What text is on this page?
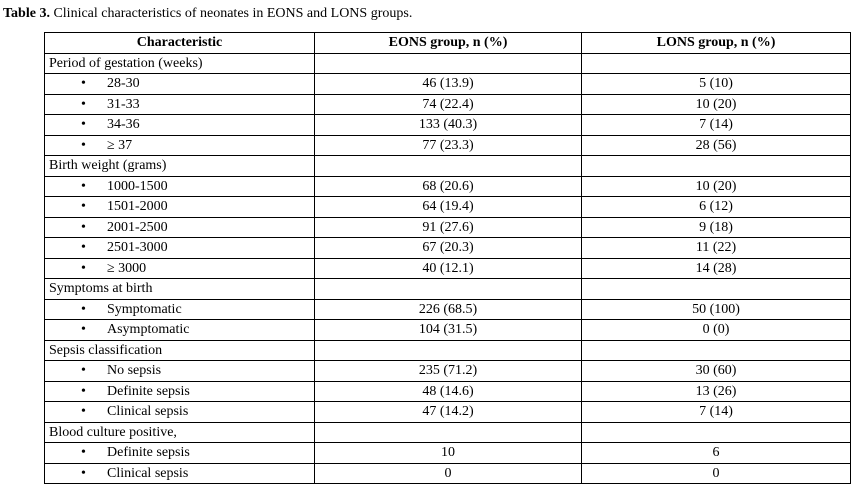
Table 3. Clinical characteristics of neonates in EONS and LONS groups.
Characteristic	EONS group, n (%)	LONS group, n (%)
Period of gestation (weeks)		
• 28-30	46 (13.9)	5 (10)
• 31-33	74 (22.4)	10 (20)
• 34-36	133 (40.3)	7 (14)
• ≥ 37	77 (23.3)	28 (56)
Birth weight (grams)		
• 1000-1500	68 (20.6)	10 (20)
• 1501-2000	64 (19.4)	6 (12)
• 2001-2500	91 (27.6)	9 (18)
• 2501-3000	67 (20.3)	11 (22)
• ≥ 3000	40 (12.1)	14 (28)
Symptoms at birth		
• Symptomatic	226 (68.5)	50 (100)
• Asymptomatic	104 (31.5)	0 (0)
Sepsis classification		
• No sepsis	235 (71.2)	30 (60)
• Definite sepsis	48 (14.6)	13 (26)
• Clinical sepsis	47 (14.2)	7 (14)
Blood culture positive,		
• Definite sepsis	10	6
• Clinical sepsis	0	0
